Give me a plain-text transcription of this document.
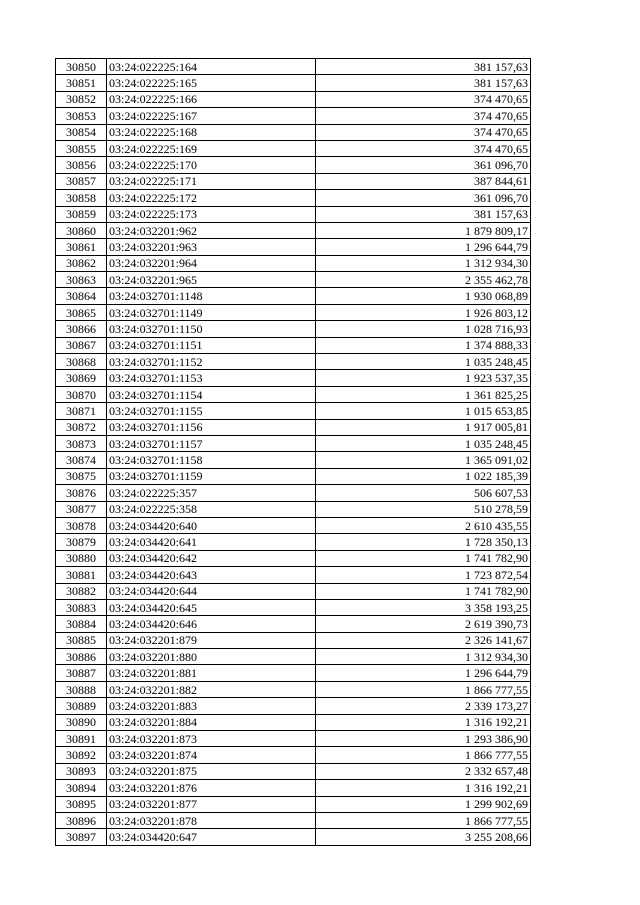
30850	03:24:022225:164	381 157,63
30851	03:24:022225:165	381 157,63
30852	03:24:022225:166	374 470,65
30853	03:24:022225:167	374 470,65
30854	03:24:022225:168	374 470,65
30855	03:24:022225:169	374 470,65
30856	03:24:022225:170	361 096,70
30857	03:24:022225:171	387 844,61
30858	03:24:022225:172	361 096,70
30859	03:24:022225:173	381 157,63
30860	03:24:032201:962	1 879 809,17
30861	03:24:032201:963	1 296 644,79
30862	03:24:032201:964	1 312 934,30
30863	03:24:032201:965	2 355 462,78
30864	03:24:032701:1148	1 930 068,89
30865	03:24:032701:1149	1 926 803,12
30866	03:24:032701:1150	1 028 716,93
30867	03:24:032701:1151	1 374 888,33
30868	03:24:032701:1152	1 035 248,45
30869	03:24:032701:1153	1 923 537,35
30870	03:24:032701:1154	1 361 825,25
30871	03:24:032701:1155	1 015 653,85
30872	03:24:032701:1156	1 917 005,81
30873	03:24:032701:1157	1 035 248,45
30874	03:24:032701:1158	1 365 091,02
30875	03:24:032701:1159	1 022 185,39
30876	03:24:022225:357	506 607,53
30877	03:24:022225:358	510 278,59
30878	03:24:034420:640	2 610 435,55
30879	03:24:034420:641	1 728 350,13
30880	03:24:034420:642	1 741 782,90
30881	03:24:034420:643	1 723 872,54
30882	03:24:034420:644	1 741 782,90
30883	03:24:034420:645	3 358 193,25
30884	03:24:034420:646	2 619 390,73
30885	03:24:032201:879	2 326 141,67
30886	03:24:032201:880	1 312 934,30
30887	03:24:032201:881	1 296 644,79
30888	03:24:032201:882	1 866 777,55
30889	03:24:032201:883	2 339 173,27
30890	03:24:032201:884	1 316 192,21
30891	03:24:032201:873	1 293 386,90
30892	03:24:032201:874	1 866 777,55
30893	03:24:032201:875	2 332 657,48
30894	03:24:032201:876	1 316 192,21
30895	03:24:032201:877	1 299 902,69
30896	03:24:032201:878	1 866 777,55
30897	03:24:034420:647	3 255 208,66
